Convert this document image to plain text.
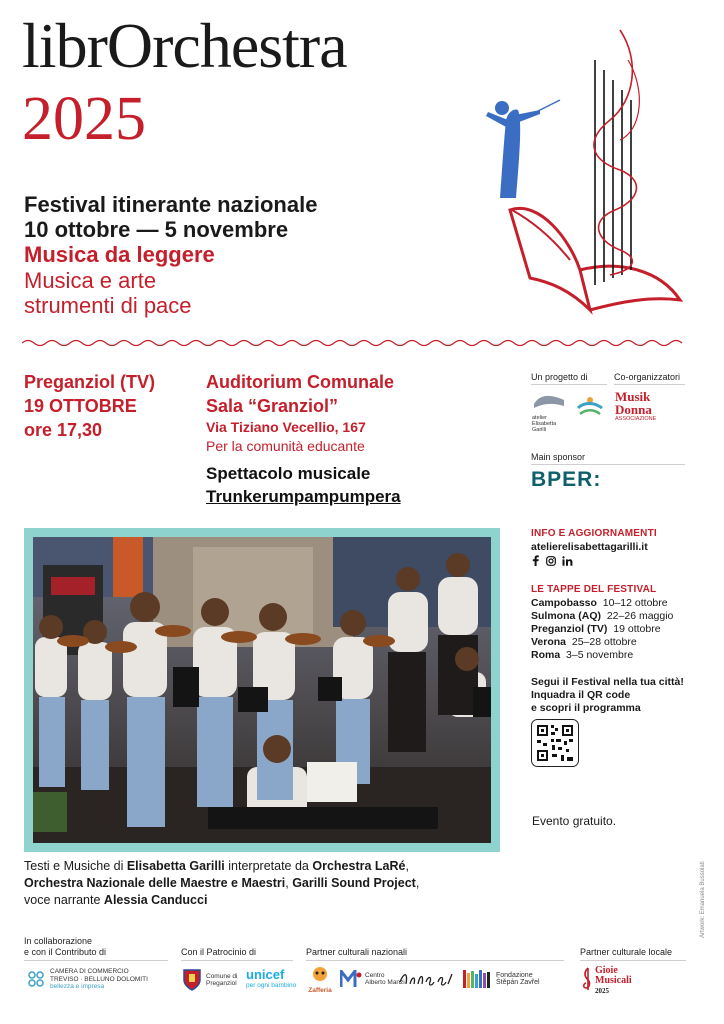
librOrchestra
2025
Festival itinerante nazionale
10 ottobre — 5 novembre
Musica da leggere
Musica e arte
strumenti di pace
Preganziol (TV)
19 OTTOBRE
ore 17,30
Auditorium Comunale
Sala “Granziol”
Via Tiziano Vecellio, 167
Per la comunità educante
Spettacolo musicale
Trunkerumpampumpera
Un progetto di	Co-organizzatori
atelier Elisabetta Garilli
Musik Donna
ASSOCIAZIONE
Main sponsor
BPER:
INFO E AGGIORNAMENTI
atelierelisabettagarilli.it
LE TAPPE DEL FESTIVAL
Campobasso 10–12 ottobre
Sulmona (AQ) 22–26 maggio
Preganziol (TV) 19 ottobre
Verona 25–28 ottobre
Roma 3–5 novembre
Segui il Festival nella tua città!
Inquadra il QR code
e scopri il programma
Evento gratuito.
Testi e Musiche di Elisabetta Garilli interpretate da Orchestra LaRé,
Orchestra Nazionale delle Maestre e Maestri, Garilli Sound Project,
voce narrante Alessia Canducci
In collaborazione
e con il Contributo di
CAMERA DI COMMERCIO
TREVISO · BELLUNO DOLOMITI
bellezza e impresa
Con il Patrocinio di
Comune di
Preganziol
unicef
per ogni bambino
Partner culturali nazionali
Zafferia
Centro
Alberto Manzi
Fondazione
Štěpán Zavřel
Partner culturale locale
Gioie
Musicali
2025
Artwork: Emanuela Bussolati
